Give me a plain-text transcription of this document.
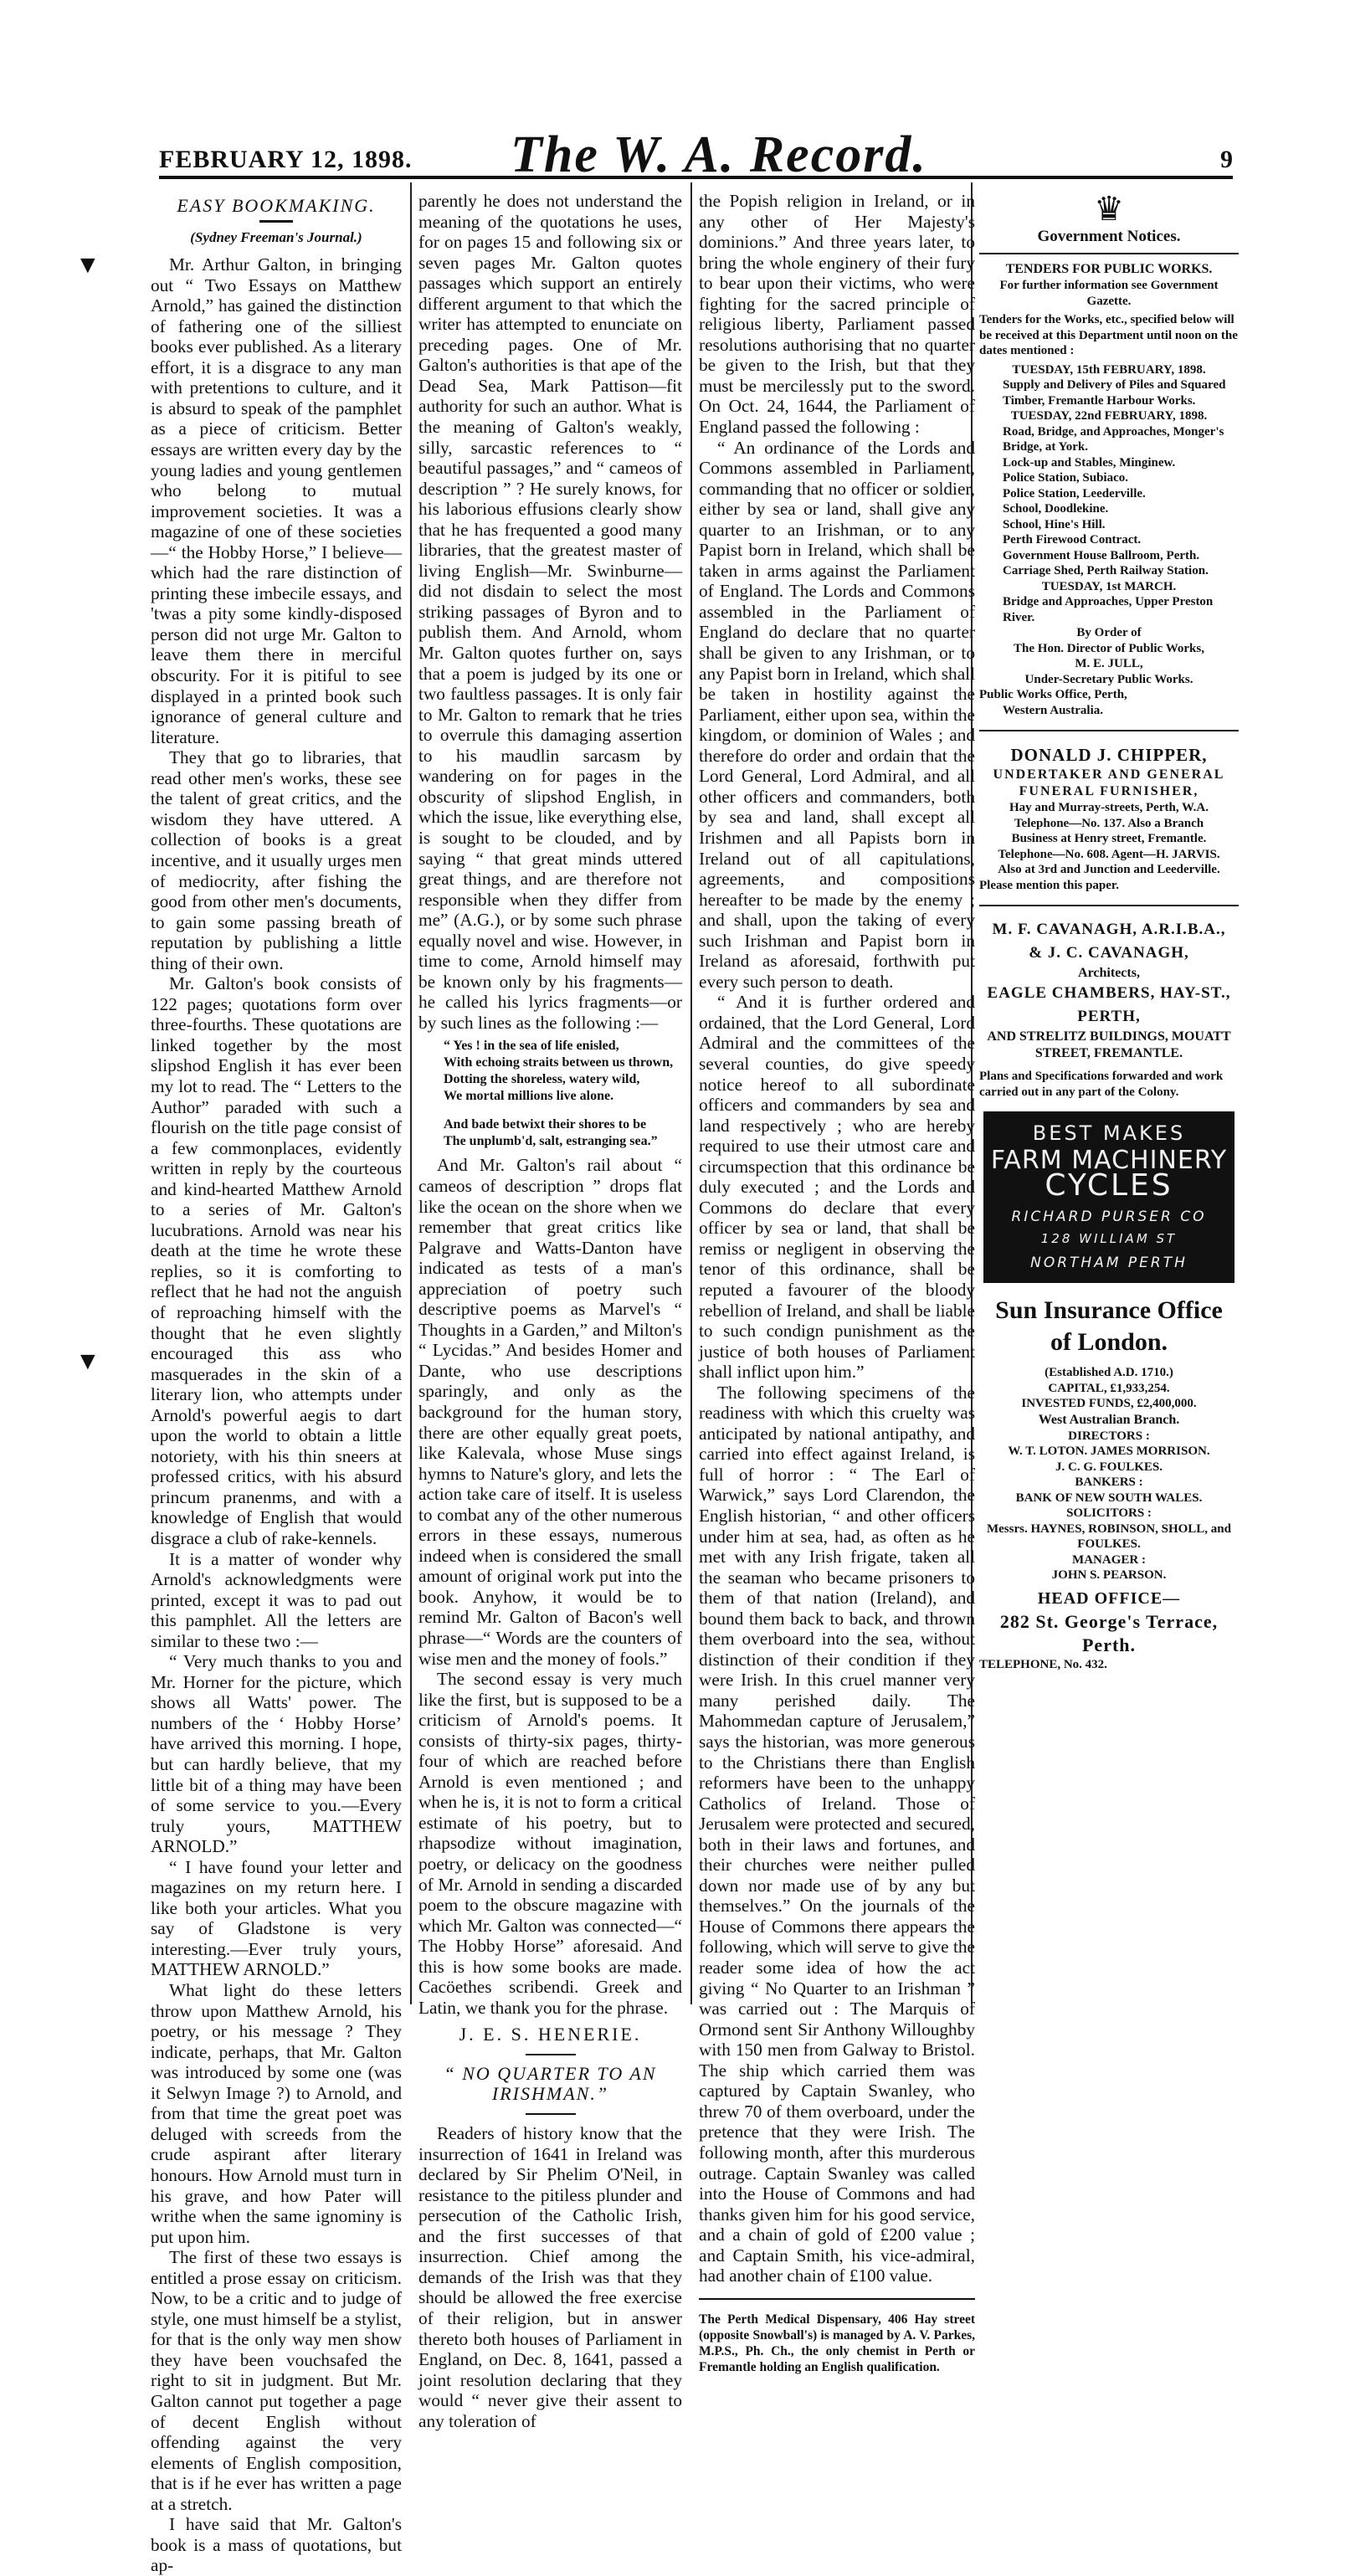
FEBRUARY 12, 1898. The W. A. Record.	9
▼
▼
EASY BOOKMAKING.
(Sydney Freeman's Journal.)

Mr. Arthur Galton, in bringing out “ Two Essays on Matthew Arnold,” has gained the distinction of fathering one of the silliest books ever published. As a literary effort, it is a disgrace to any man with pretentions to culture, and it is absurd to speak of the pamphlet as a piece of criticism. Better essays are written every day by the young ladies and young gentlemen who belong to mutual improvement societies. It was a magazine of one of these societies—“ the Hobby Horse,” I believe—which had the rare distinction of printing these imbecile essays, and 'twas a pity some kindly-disposed person did not urge Mr. Galton to leave them there in merciful obscurity. For it is pitiful to see displayed in a printed book such ignorance of general culture and literature.

They that go to libraries, that read other men's works, these see the talent of great critics, and the wisdom they have uttered. A collection of books is a great incentive, and it usually urges men of mediocrity, after fishing the good from other men's documents, to gain some passing breath of reputation by publishing a little thing of their own.

Mr. Galton's book consists of 122 pages; quotations form over three-fourths. These quotations are linked together by the most slipshod English it has ever been my lot to read. The “ Letters to the Author” paraded with such a flourish on the title page consist of a few commonplaces, evidently written in reply by the courteous and kind-hearted Matthew Arnold to a series of Mr. Galton's lucubrations. Arnold was near his death at the time he wrote these replies, so it is comforting to reflect that he had not the anguish of reproaching himself with the thought that he even slightly encouraged this ass who masquerades in the skin of a literary lion, who attempts under Arnold's powerful aegis to dart upon the world to obtain a little notoriety, with his thin sneers at professed critics, with his absurd princum pranenms, and with a knowledge of English that would disgrace a club of rake-kennels.

It is a matter of wonder why Arnold's acknowledgments were printed, except it was to pad out this pamphlet. All the letters are similar to these two :—

“ Very much thanks to you and Mr. Horner for the picture, which shows all Watts' power. The numbers of the ‘ Hobby Horse’ have arrived this morning. I hope, but can hardly believe, that my little bit of a thing may have been of some service to you.—Every truly yours, MATTHEW ARNOLD.”

“ I have found your letter and magazines on my return here. I like both your articles. What you say of Gladstone is very interesting.—Ever truly yours, MATTHEW ARNOLD.”

What light do these letters throw upon Matthew Arnold, his poetry, or his message ? They indicate, perhaps, that Mr. Galton was introduced by some one (was it Selwyn Image ?) to Arnold, and from that time the great poet was deluged with screeds from the crude aspirant after literary honours. How Arnold must turn in his grave, and how Pater will writhe when the same ignominy is put upon him.

The first of these two essays is entitled a prose essay on criticism. Now, to be a critic and to judge of style, one must himself be a stylist, for that is the only way men show they have been vouchsafed the right to sit in judgment. But Mr. Galton cannot put together a page of decent English without offending against the very elements of English composition, that is if he ever has written a page at a stretch.

I have said that Mr. Galton's book is a mass of quotations, but ap-

parently he does not understand the meaning of the quotations he uses, for on pages 15 and following six or seven pages Mr. Galton quotes passages which support an entirely different argument to that which the writer has attempted to enunciate on preceding pages. One of Mr. Galton's authorities is that ape of the Dead Sea, Mark Pattison—fit authority for such an author. What is the meaning of Galton's weakly, silly, sarcastic references to “ beautiful passages,” and “ cameos of description ” ? He surely knows, for his laborious effusions clearly show that he has frequented a good many libraries, that the greatest master of living English—Mr. Swinburne—did not disdain to select the most striking passages of Byron and to publish them. And Arnold, whom Mr. Galton quotes further on, says that a poem is judged by its one or two faultless passages. It is only fair to Mr. Galton to remark that he tries to overrule this damaging assertion to his maudlin sarcasm by wandering on for pages in the obscurity of slipshod English, in which the issue, like everything else, is sought to be clouded, and by saying “ that great minds uttered great things, and are therefore not responsible when they differ from me” (A.G.), or by some such phrase equally novel and wise. However, in time to come, Arnold himself may be known only by his fragments—he called his lyrics fragments—or by such lines as the following :—

“ Yes ! in the sea of life enisled,
With echoing straits between us thrown,
Dotting the shoreless, watery wild,
We mortal millions live alone.
And bade betwixt their shores to be
The unplumb'd, salt, estranging sea.”

And Mr. Galton's rail about “ cameos of description ” drops flat like the ocean on the shore when we remember that great critics like Palgrave and Watts-Danton have indicated as tests of a man's appreciation of poetry such descriptive poems as Marvel's “ Thoughts in a Garden,” and Milton's “ Lycidas.” And besides Homer and Dante, who use descriptions sparingly, and only as the background for the human story, there are other equally great poets, like Kalevala, whose Muse sings hymns to Nature's glory, and lets the action take care of itself. It is useless to combat any of the other numerous errors in these essays, numerous indeed when is considered the small amount of original work put into the book. Anyhow, it would be to remind Mr. Galton of Bacon's well phrase—“ Words are the counters of wise men and the money of fools.”

The second essay is very much like the first, but is supposed to be a criticism of Arnold's poems. It consists of thirty-six pages, thirty-four of which are reached before Arnold is even mentioned ; and when he is, it is not to form a critical estimate of his poetry, but to rhapsodize without imagination, poetry, or delicacy on the goodness of Mr. Arnold in sending a discarded poem to the obscure magazine with which Mr. Galton was connected—“ The Hobby Horse” aforesaid. And this is how some books are made. Cacöethes scribendi. Greek and Latin, we thank you for the phrase.

J. E. S. HENERIE.
“ NO QUARTER TO AN IRISHMAN.”

Readers of history know that the insurrection of 1641 in Ireland was declared by Sir Phelim O'Neil, in resistance to the pitiless plunder and persecution of the Catholic Irish, and the first successes of that insurrection. Chief among the demands of the Irish was that they should be allowed the free exercise of their religion, but in answer thereto both houses of Parliament in England, on Dec. 8, 1641, passed a joint resolution declaring that they would “ never give their assent to any toleration of

the Popish religion in Ireland, or in any other of Her Majesty's dominions.” And three years later, to bring the whole enginery of their fury to bear upon their victims, who were fighting for the sacred principle of religious liberty, Parliament passed resolutions authorising that no quarter be given to the Irish, but that they must be mercilessly put to the sword. On Oct. 24, 1644, the Parliament of England passed the following :

“ An ordinance of the Lords and Commons assembled in Parliament, commanding that no officer or soldier, either by sea or land, shall give any quarter to an Irishman, or to any Papist born in Ireland, which shall be taken in arms against the Parliament of England. The Lords and Commons assembled in the Parliament of England do declare that no quarter shall be given to any Irishman, or to any Papist born in Ireland, which shall be taken in hostility against the Parliament, either upon sea, within the kingdom, or dominion of Wales ; and therefore do order and ordain that the Lord General, Lord Admiral, and all other officers and commanders, both by sea and land, shall except all Irishmen and all Papists born in Ireland out of all capitulations, agreements, and compositions hereafter to be made by the enemy ; and shall, upon the taking of every such Irishman and Papist born in Ireland as aforesaid, forthwith put every such person to death.

“ And it is further ordered and ordained, that the Lord General, Lord Admiral and the committees of the several counties, do give speedy notice hereof to all subordinate officers and commanders by sea and land respectively ; who are hereby required to use their utmost care and circumspection that this ordinance be duly executed ; and the Lords and Commons do declare that every officer by sea or land, that shall be remiss or negligent in observing the tenor of this ordinance, shall be reputed a favourer of the bloody rebellion of Ireland, and shall be liable to such condign punishment as the justice of both houses of Parliament shall inflict upon him.”

The following specimens of the readiness with which this cruelty was anticipated by national antipathy, and carried into effect against Ireland, is full of horror : “ The Earl of Warwick,” says Lord Clarendon, the English historian, “ and other officers under him at sea, had, as often as he met with any Irish frigate, taken all the seaman who became prisoners to them of that nation (Ireland), and bound them back to back, and thrown them overboard into the sea, without distinction of their condition if they were Irish. In this cruel manner very many perished daily. The Mahommedan capture of Jerusalem,” says the historian, was more generous to the Christians there than English reformers have been to the unhappy Catholics of Ireland. Those of Jerusalem were protected and secured, both in their laws and fortunes, and their churches were neither pulled down nor made use of by any but themselves.” On the journals of the House of Commons there appears the following, which will serve to give the reader some idea of how the act giving “ No Quarter to an Irishman ” was carried out : The Marquis of Ormond sent Sir Anthony Willoughby with 150 men from Galway to Bristol. The ship which carried them was captured by Captain Swanley, who threw 70 of them overboard, under the pretence that they were Irish. The following month, after this murderous outrage. Captain Swanley was called into the House of Commons and had thanks given him for his good service, and a chain of gold of £200 value ; and Captain Smith, his vice-admiral, had another chain of £100 value.

The Perth Medical Dispensary, 406 Hay street (opposite Snowball's) is managed by A. V. Parkes, M.P.S., Ph. Ch., the only chemist in Perth or Fremantle holding an English qualification.
♛
Government Notices.
TENDERS FOR PUBLIC WORKS.
For further information see Government Gazette.
Tenders for the Works, etc., specified below will be received at this Department until noon on the dates mentioned :
TUESDAY, 15th FEBRUARY, 1898.
Supply and Delivery of Piles and Squared Timber, Fremantle Harbour Works.
TUESDAY, 22nd FEBRUARY, 1898.
Road, Bridge, and Approaches, Monger's Bridge, at York.
Lock-up and Stables, Minginew.
Police Station, Subiaco.
Police Station, Leederville.
School, Doodlekine.
School, Hine's Hill.
Perth Firewood Contract.
Government House Ballroom, Perth.
Carriage Shed, Perth Railway Station.
TUESDAY, 1st MARCH.
Bridge and Approaches, Upper Preston River.
By Order of
The Hon. Director of Public Works,
M. E. JULL,
Under-Secretary Public Works.
Public Works Office, Perth,
Western Australia.
DONALD J. CHIPPER,
UNDERTAKER AND GENERAL
FUNERAL FURNISHER,
Hay and Murray-streets, Perth, W.A.
Telephone—No. 137. Also a Branch
Business at Henry street, Fremantle.
Telephone—No. 608. Agent—H. JARVIS.
Also at 3rd and Junction and Leederville.
Please mention this paper.
M. F. CAVANAGH, A.R.I.B.A.,
& J. C. CAVANAGH,
Architects,
EAGLE CHAMBERS, HAY-ST.,
PERTH,
AND STRELITZ BUILDINGS, MOUATT STREET, FREMANTLE.
Plans and Specifications forwarded and work carried out in any part of the Colony.
BEST MAKES
FARM MACHINERY
CYCLES
RICHARD PURSER CO
128 WILLIAM ST
NORTHAM PERTH
Sun Insurance Office
of London.
(Established A.D. 1710.)
CAPITAL, £1,933,254.
INVESTED FUNDS, £2,400,000.
West Australian Branch.
DIRECTORS :
W. T. LOTON. JAMES MORRISON.
J. C. G. FOULKES.
BANKERS :
BANK OF NEW SOUTH WALES.
SOLICITORS :
Messrs. HAYNES, ROBINSON, SHOLL, and FOULKES.
MANAGER :
JOHN S. PEARSON.
HEAD OFFICE—
282 St. George's Terrace,
Perth.
TELEPHONE, No. 432.
